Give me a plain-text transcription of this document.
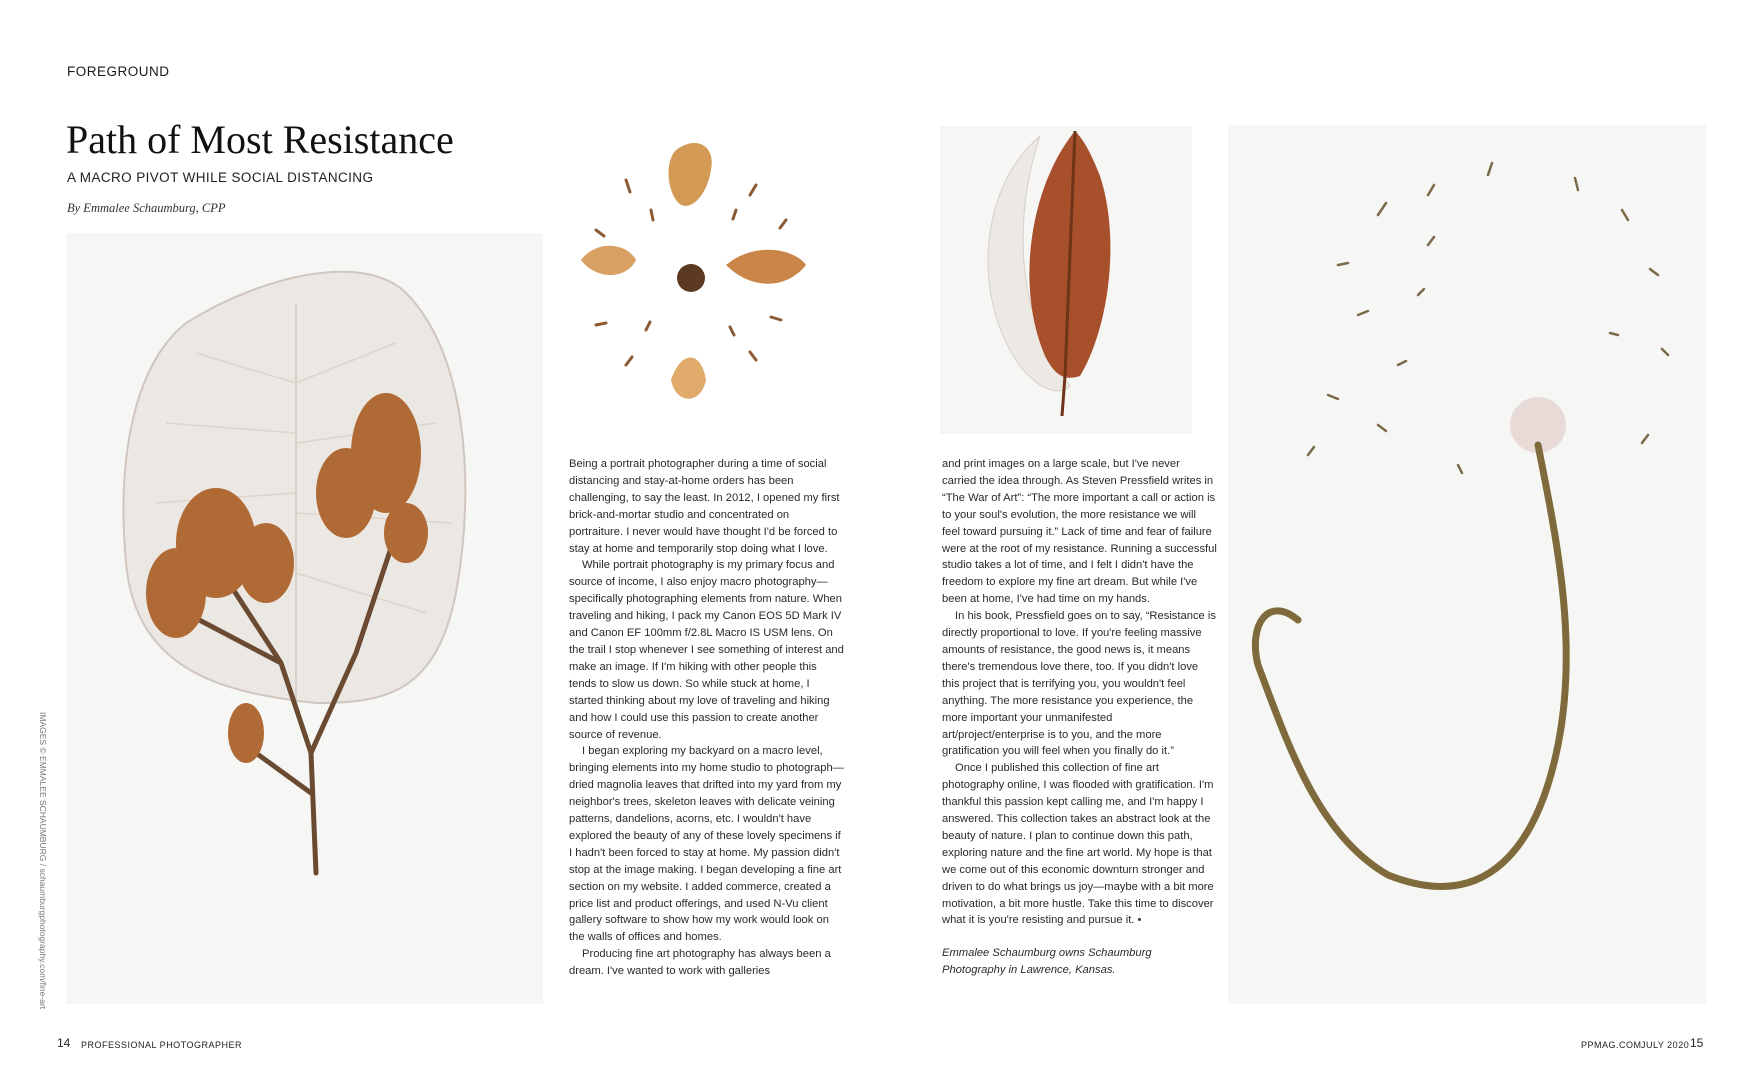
FOREGROUND
Path of Most Resistance
A MACRO PIVOT WHILE SOCIAL DISTANCING
By Emmalee Schaumburg, CPP
IMAGES © EMMALEE SCHAUMBURG / schaumburgphotography.com/fine-art

Being a portrait photographer during a time of social distancing and stay-at-home orders has been challenging, to say the least. In 2012, I opened my first brick-and-mortar studio and concentrated on portraiture. I never would have thought I'd be forced to stay at home and temporarily stop doing what I love.

While portrait photography is my primary focus and source of income, I also enjoy macro photography—specifically photographing elements from nature. When traveling and hiking, I pack my Canon EOS 5D Mark IV and Canon EF 100mm f/2.8L Macro IS USM lens. On the trail I stop whenever I see something of interest and make an image. If I'm hiking with other people this tends to slow us down. So while stuck at home, I started thinking about my love of traveling and hiking and how I could use this passion to create another source of revenue.

I began exploring my backyard on a macro level, bringing elements into my home studio to photograph—dried magnolia leaves that drifted into my yard from my neighbor's trees, skeleton leaves with delicate veining patterns, dandelions, acorns, etc. I wouldn't have explored the beauty of any of these lovely specimens if I hadn't been forced to stay at home. My passion didn't stop at the image making. I began developing a fine art section on my website. I added commerce, created a price list and product offerings, and used N-Vu client gallery software to show how my work would look on the walls of offices and homes.

Producing fine art photography has always been a dream. I've wanted to work with galleries

and print images on a large scale, but I've never carried the idea through. As Steven Pressfield writes in “The War of Art”: “The more important a call or action is to your soul's evolution, the more resistance we will feel toward pursuing it.” Lack of time and fear of failure were at the root of my resistance. Running a successful studio takes a lot of time, and I felt I didn't have the freedom to explore my fine art dream. But while I've been at home, I've had time on my hands.

In his book, Pressfield goes on to say, “Resistance is directly proportional to love. If you're feeling massive amounts of resistance, the good news is, it means there's tremendous love there, too. If you didn't love this project that is terrifying you, you wouldn't feel anything. The more resistance you experience, the more important your unmanifested art/project/enterprise is to you, and the more gratification you will feel when you finally do it.”

Once I published this collection of fine art photography online, I was flooded with gratification. I'm thankful this passion kept calling me, and I'm happy I answered. This collection takes an abstract look at the beauty of nature. I plan to continue down this path, exploring nature and the fine art world. My hope is that we come out of this economic downturn stronger and driven to do what brings us joy—maybe with a bit more motivation, a bit more hustle. Take this time to discover what it is you're resisting and pursue it. •

Emmalee Schaumburg owns Schaumburg Photography in Lawrence, Kansas.

14 PROFESSIONAL PHOTOGRAPHER	PPMAG.COM JULY 2020 15
